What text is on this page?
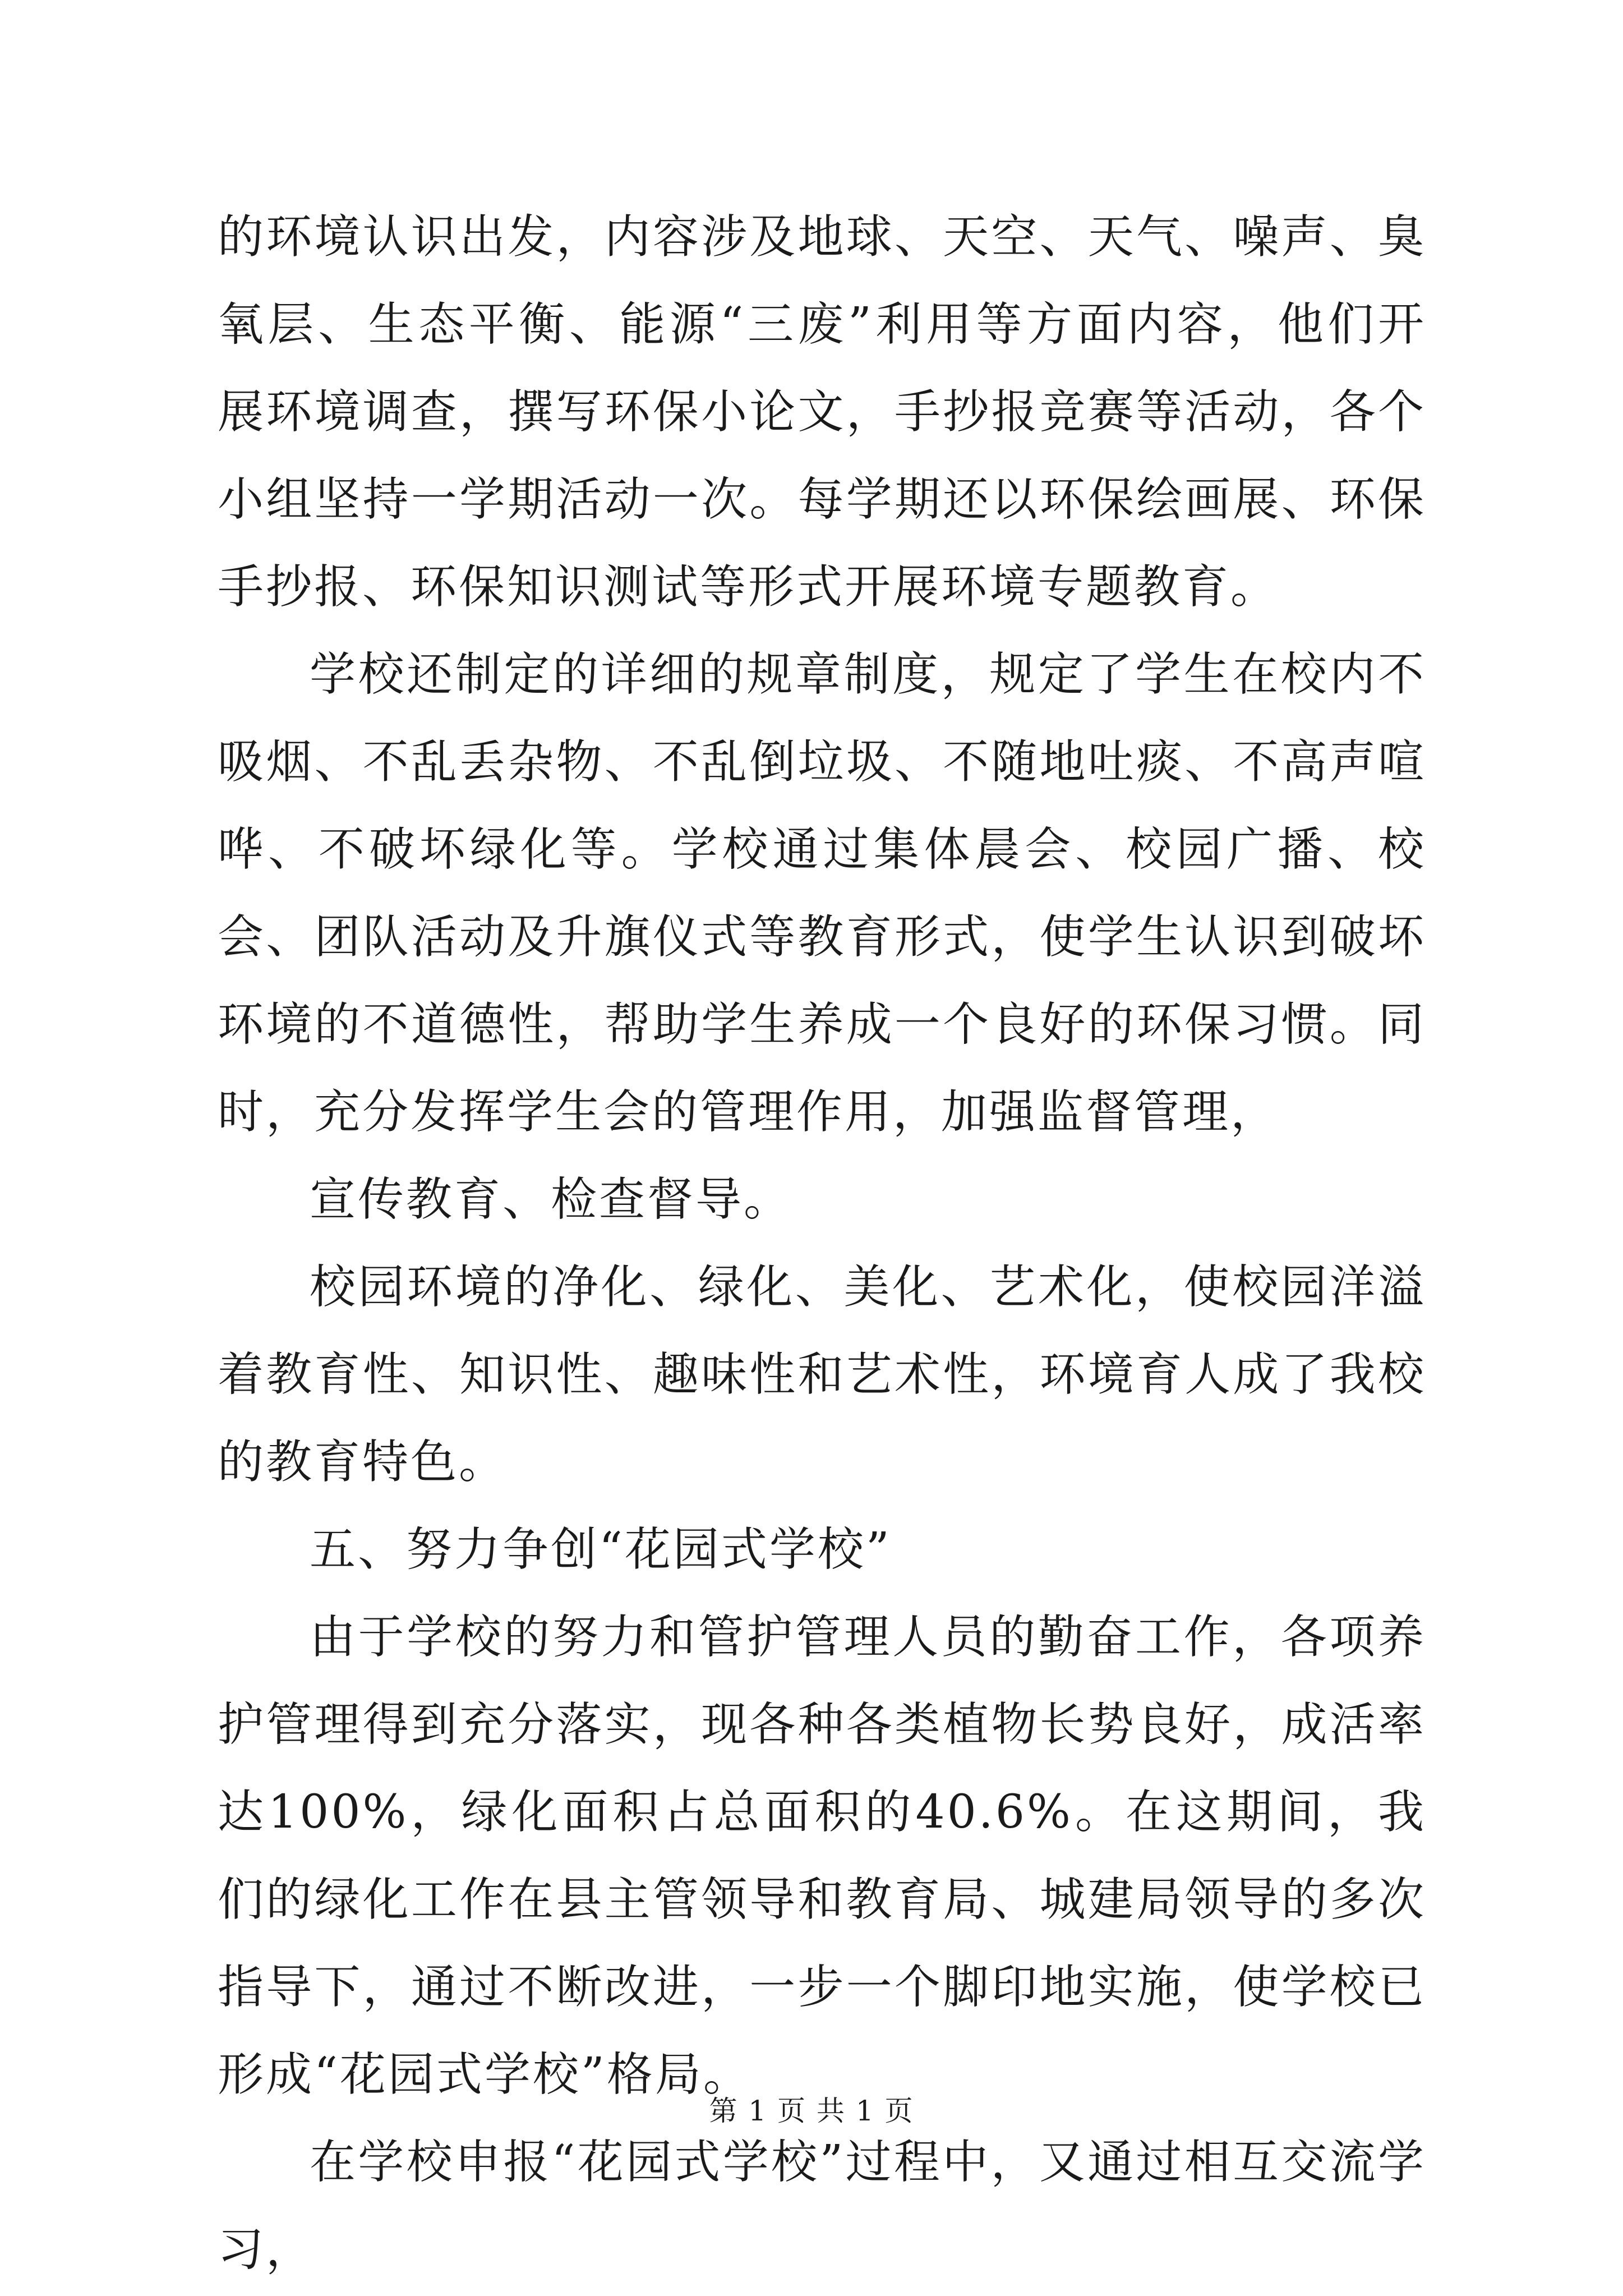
的环境认识出发，内容涉及地球、天空、天气、噪声、臭氧层、生态平衡、能源“三废”利用等方面内容，他们开展环境调查，撰写环保小论文，手抄报竞赛等活动，各个小组坚持一学期活动一次。每学期还以环保绘画展、环保手抄报、环保知识测试等形式开展环境专题教育。

学校还制定的详细的规章制度，规定了学生在校内不吸烟、不乱丢杂物、不乱倒垃圾、不随地吐痰、不高声喧哗、不破坏绿化等。学校通过集体晨会、校园广播、校会、团队活动及升旗仪式等教育形式，使学生认识到破坏环境的不道德性，帮助学生养成一个良好的环保习惯。同时，充分发挥学生会的管理作用，加强监督管理，

宣传教育、检查督导。

校园环境的净化、绿化、美化、艺术化，使校园洋溢着教育性、知识性、趣味性和艺术性，环境育人成了我校的教育特色。

五、努力争创“花园式学校”

由于学校的努力和管护管理人员的勤奋工作，各项养护管理得到充分落实，现各种各类植物长势良好，成活率达100%，绿化面积占总面积的40.6%。在这期间，我们的绿化工作在县主管领导和教育局、城建局领导的多次指导下，通过不断改进，一步一个脚印地实施，使学校已形成“花园式学校”格局。

在学校申报“花园式学校”过程中，又通过相互交流学习，

第 1 页 共 1 页
